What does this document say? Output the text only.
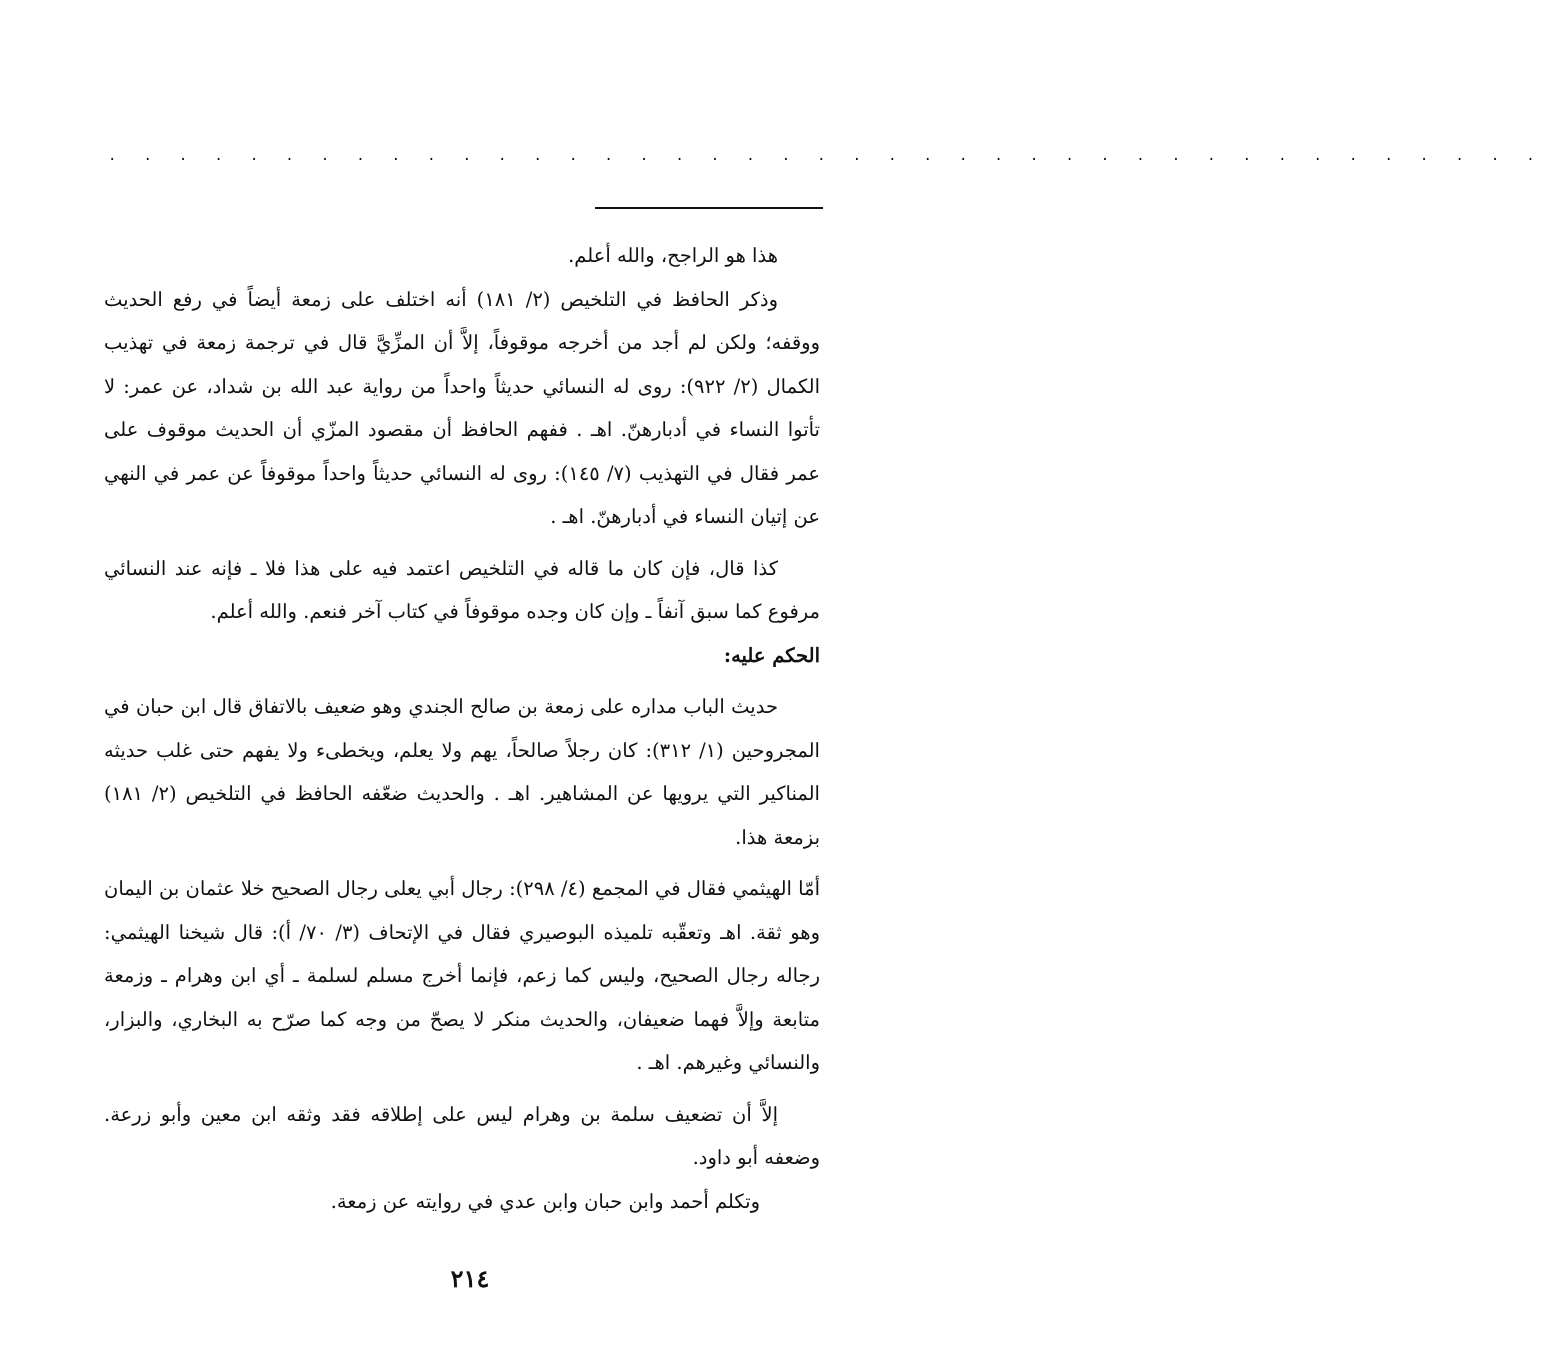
. . . . . . . . . . . . . . . . . . . . . . . . . . . . . . . . . . . . . . . . .

هذا هو الراجح، والله أعلم.

وذكر الحافظ في التلخيص (٢/ ١٨١) أنه اختلف على زمعة أيضاً في رفع الحديث ووقفه؛ ولكن لم أجد من أخرجه موقوفاً، إلاَّ أن المزِّيَّ قال في ترجمة زمعة في تهذيب الكمال (٢/ ٩٢٢): روى له النسائي حديثاً واحداً من رواية عبد الله بن شداد، عن عمر: لا تأتوا النساء في أدبارهنّ. اهـ . ففهم الحافظ أن مقصود المزّي أن الحديث موقوف على عمر فقال في التهذيب (٧/ ١٤٥): روى له النسائي حديثاً واحداً موقوفاً عن عمر في النهي عن إتيان النساء في أدبارهنّ. اهـ .

كذا قال، فإن كان ما قاله في التلخيص اعتمد فيه على هذا فلا ـ فإنه عند النسائي مرفوع كما سبق آنفاً ـ وإن كان وجده موقوفاً في كتاب آخر فنعم. والله أعلم.

الحكم عليه:

حديث الباب مداره على زمعة بن صالح الجندي وهو ضعيف بالاتفاق قال ابن حبان في المجروحين (١/ ٣١٢): كان رجلاً صالحاً، يهم ولا يعلم، ويخطىء ولا يفهم حتى غلب حديثه المناكير التي يرويها عن المشاهير. اهـ . والحديث ضعّفه الحافظ في التلخيص (٢/ ١٨١) بزمعة هذا.

أمّا الهيثمي فقال في المجمع (٤/ ٢٩٨): رجال أبي يعلى رجال الصحيح خلا عثمان بن اليمان وهو ثقة. اهـ وتعقّبه تلميذه البوصيري فقال في الإتحاف (٣/ ٧٠/ أ): قال شيخنا الهيثمي: رجاله رجال الصحيح، وليس كما زعم، فإنما أخرج مسلم لسلمة ـ أي ابن وهرام ـ وزمعة متابعة وإلاَّ فهما ضعيفان، والحديث منكر لا يصحّ من وجه كما صرّح به البخاري، والبزار، والنسائي وغيرهم. اهـ .

إلاَّ أن تضعيف سلمة بن وهرام ليس على إطلاقه فقد وثقه ابن معين وأبو زرعة. وضعفه أبو داود.

وتكلم أحمد وابن حبان وابن عدي في روايته عن زمعة.

٢١٤
